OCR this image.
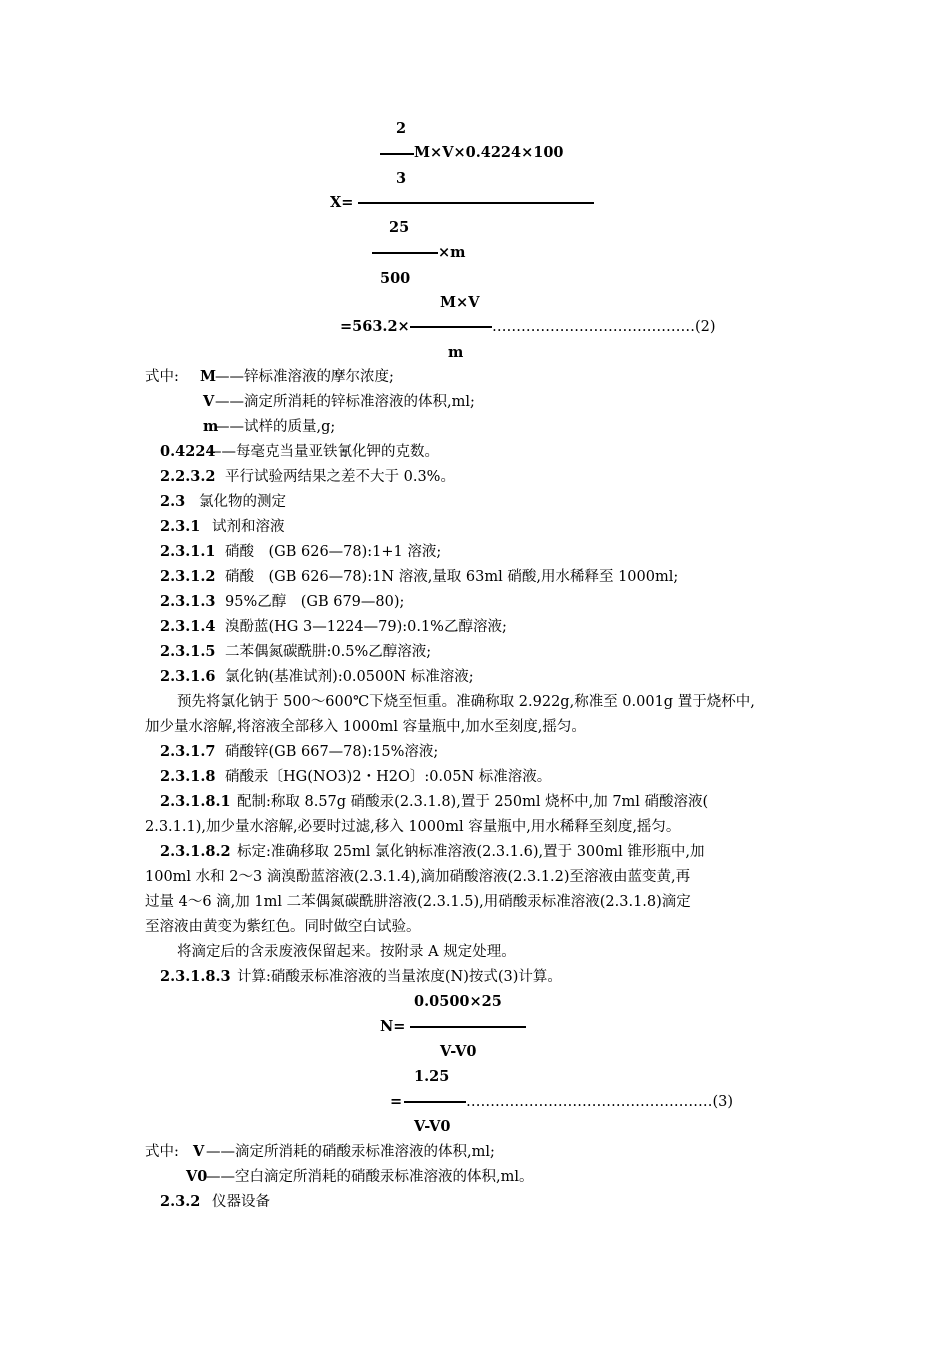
2
M×V×0.4224×100
3
X=
25
×m
500
M×V
=563.2×	……………………………………(2)
m
式中: M
——锌标准溶液的摩尔浓度;
V ——滴定所消耗的锌标准溶液的体积,ml;
m
——试样的质量,g;
0.4224
——每毫克当量亚铁氰化钾的克数。
2.2.3.2 平行试验两结果之差不大于 0.3%。
2.3 氯化物的测定
2.3.1 试剂和溶液
2.3.1.1 硝酸　(GB 626—78):1+1 溶液;
2.3.1.2 硝酸　(GB 626—78):1N 溶液,量取 63ml 硝酸,用水稀释至 1000ml;
2.3.1.3 95%乙醇　(GB 679—80);
2.3.1.4 溴酚蓝(HG 3—1224—79):0.1%乙醇溶液;
2.3.1.5 二苯偶氮碳酰肼:0.5%乙醇溶液;
2.3.1.6 氯化钠(基准试剂):0.0500N 标准溶液;
预先将氯化钠于 500～600℃下烧至恒重。准确称取 2.922g,称准至 0.001g 置于烧杯中,
加少量水溶解,将溶液全部移入 1000ml 容量瓶中,加水至刻度,摇匀。
2.3.1.7 硝酸锌(GB 667—78):15%溶液;
2.3.1.8 硝酸汞〔HG(NO3)2・H2O〕:0.05N 标准溶液。
2.3.1.8.1 配制:称取 8.57g 硝酸汞(2.3.1.8),置于 250ml 烧杯中,加 7ml 硝酸溶液(
2.3.1.1),加少量水溶解,必要时过滤,移入 1000ml 容量瓶中,用水稀释至刻度,摇匀。
2.3.1.8.2 标定:准确移取 25ml 氯化钠标准溶液(2.3.1.6),置于 300ml 锥形瓶中,加
100ml 水和 2～3 滴溴酚蓝溶液(2.3.1.4),滴加硝酸溶液(2.3.1.2)至溶液由蓝变黄,再
过量 4～6 滴,加 1ml 二苯偶氮碳酰肼溶液(2.3.1.5),用硝酸汞标准溶液(2.3.1.8)滴定
至溶液由黄变为紫红色。同时做空白试验。
将滴定后的含汞废液保留起来。按附录 A 规定处理。
2.3.1.8.3 计算:硝酸汞标准溶液的当量浓度(N)按式(3)计算。
0.0500×25
N=
V-V0
1.25
=	……………………………………………(3)
V-V0
式中: V ——滴定所消耗的硝酸汞标准溶液的体积,ml;
V0
——空白滴定所消耗的硝酸汞标准溶液的体积,ml。
2.3.2 仪器设备
